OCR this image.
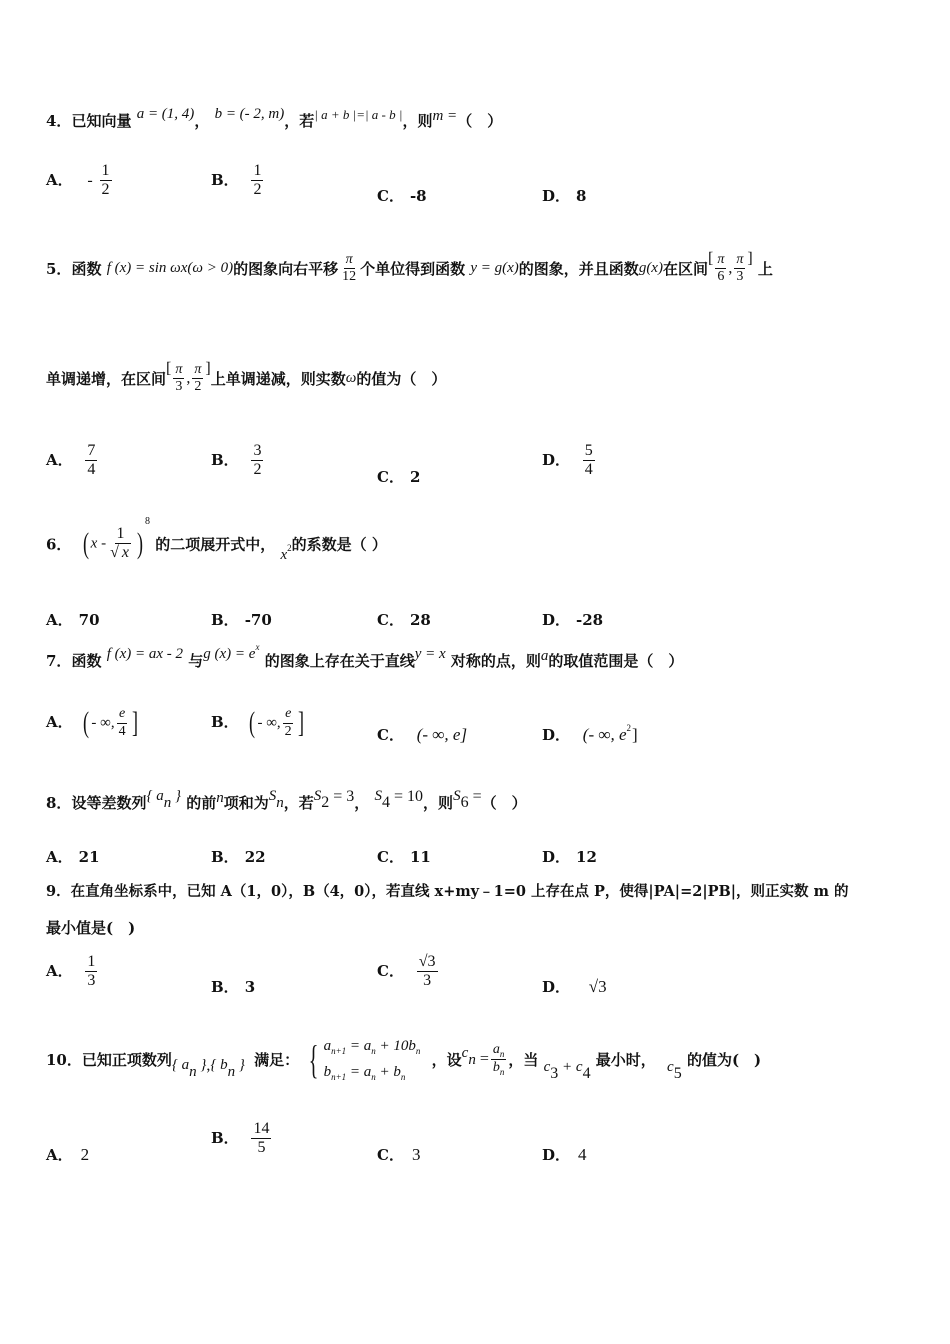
4．已知向量 a = (1, 4)， b = (- 2, m)，若| a + b |=| a - b |，则m =（　）
A． - $\frac{1}{2}$	B． $\frac{1}{2}$	C． -8	D． 8
5．函数 f (x) = sin ωx(ω > 0)的图象向右平移 $\frac{\pi}{12}$ 个单位得到函数 y = g(x)的图象，并且函数g(x)在区间[ $\frac{\pi}{6}$ , $\frac{\pi}{3}$ ] 上
单调递增，在区间[ $\frac{\pi}{3}$ , $\frac{\pi}{2}$ ]上单调递减，则实数ω的值为（　）
A． $\frac{7}{4}$	B． $\frac{3}{2}$	C． 2
D． $\frac{5}{4}$
6． ( x - $\frac{1}{√ x} )^8$ 的二项展开式中， $x_2$的系数是（ ）
A． 70	B． -70	C． 28	D． -28
7．函数 f (x) = ax - 2 与g $(x) = e^x$ 的图象上存在关于直线y = x 对称的点，则a的取值范围是（　）
A． ( - ∞, $\frac{e}{4}$ ]	B． ( - ∞, $\frac{e}{2}$ ]	C． (- ∞, e]	D． (- ∞, $e^2$]
8．设等差数列{ $a_n$ } 的前n项和为$S_n$，若$S_2 = 3$， $S_4 = 10$，则$S_6$ =（　）
A． 21	B． 22	C． 11	D． 12
9．在直角坐标系中，已知 A（1，0），B（4，0），若直线 x+my﹣1=0 上存在点 P，使得|PA|=2|PB|，则正实数 m 的
最小值是(　)
A． $\frac{1}{3}$	B． 3
C． $\frac{√3}{3}$	D． √3
10．已知正项数列{ $a_n$ },{ $b_n$ } 满足： { $a_{n+1} = a_n + 10b_n$
$b_{n+1} = a_n + b_n$
，设$c_n = \frac{a_n}{b_n}$ ，当 $c_3 + c_4$ 最小时， $c_5$ 的值为(　)
A． 2
B． $\frac{14}{5}$	C． 3	D． 4
